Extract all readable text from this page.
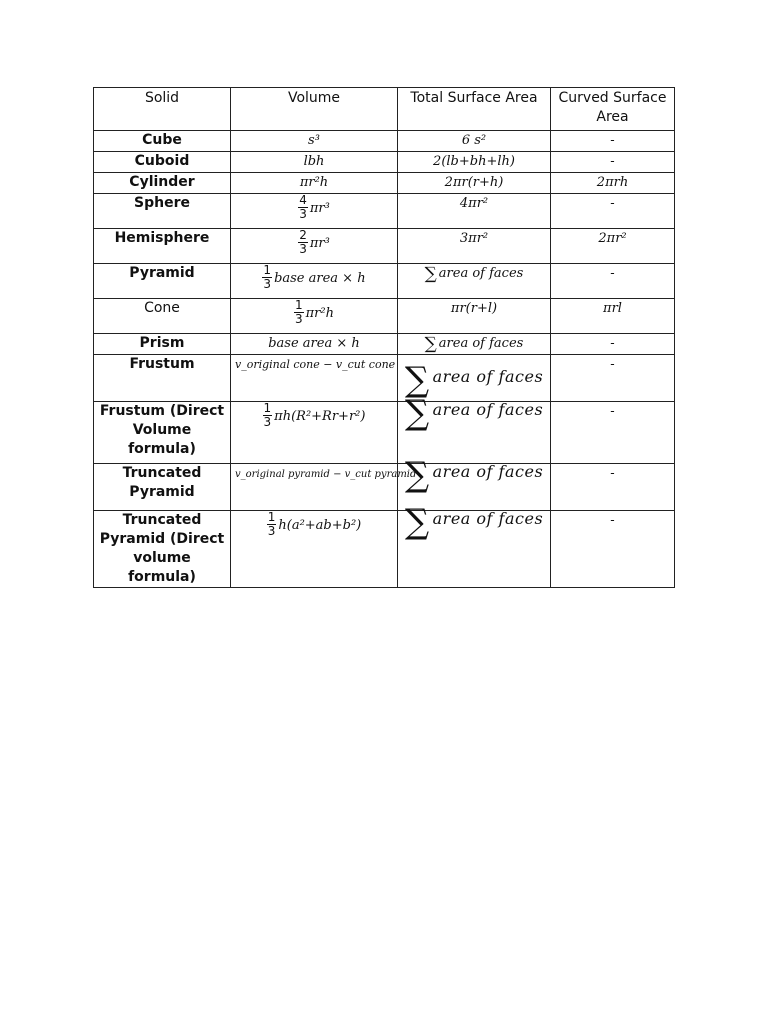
Solid	Volume	Total Surface Area	Curved Surface Area
Cube	s³	6 s²	-
Cuboid	lbh	2(lb+bh+lh)	-
Cylinder	πr²h	2πr(r+h)	2πrh
Sphere	$\frac{4}{3} \pi r^3$	4πr²	-
Hemisphere	$\frac{2}{3} \pi r^3$	3πr²	2πr²
Pyramid	$\frac{1}{3}$ base area × h	∑ area of faces	-
Cone	$\frac{1}{3} \pi r^2h$	πr(r+l)	πrl
Prism	base area × h	∑ area of faces	-
Frustum	v_original cone − v_cut cone	∑ area of faces	-
Frustum (Direct Volume formula)	$\frac{1}{3} \pi h(R^2+Rr+r^2)$	∑ area of faces	-
Truncated Pyramid	v_original pyramid − v_cut pyramid	∑ area of faces	-
Truncated Pyramid (Direct volume formula)	$\frac{1}{3} h(a^2+ab+b^2)$	∑ area of faces	-
